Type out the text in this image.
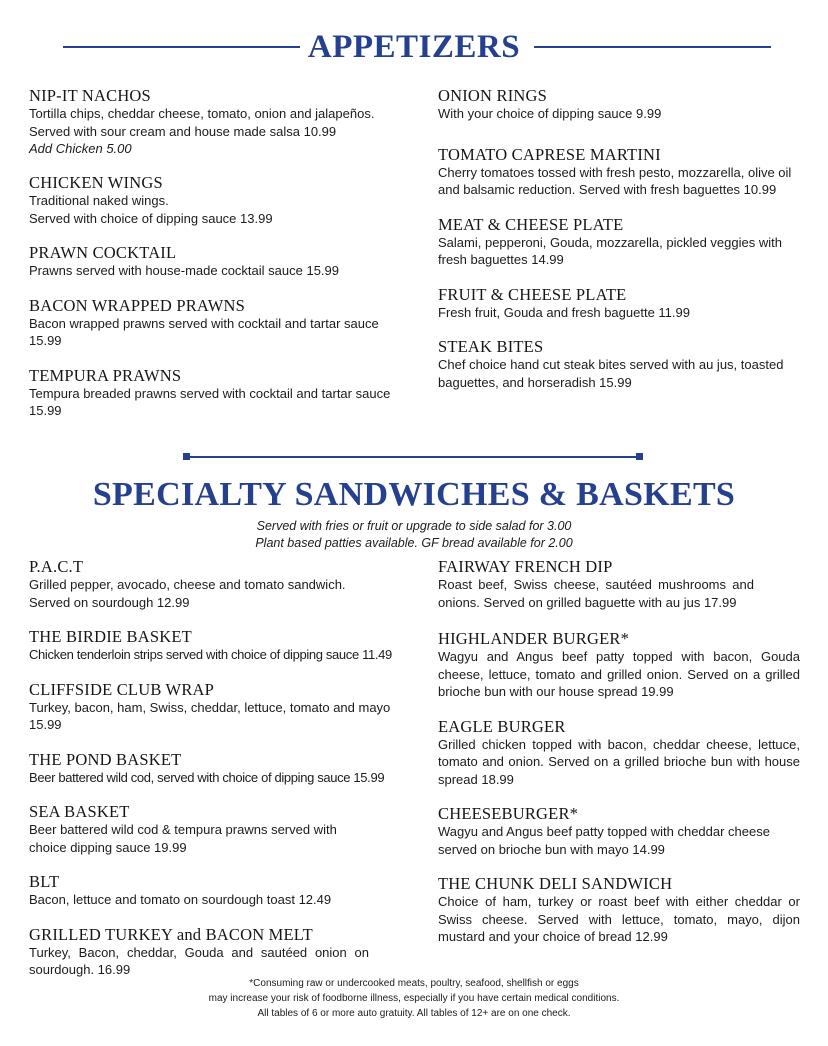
APPETIZERS
NIP-IT NACHOS
Tortilla chips, cheddar cheese, tomato, onion and jalapeños. Served with sour cream and house made salsa 10.99
Add Chicken 5.00
CHICKEN WINGS
Traditional naked wings.
Served with choice of dipping sauce 13.99
PRAWN COCKTAIL
Prawns served with house-made cocktail sauce 15.99
BACON WRAPPED PRAWNS
Bacon wrapped prawns served with cocktail and tartar sauce 15.99
TEMPURA PRAWNS
Tempura breaded prawns served with cocktail and tartar sauce 15.99
ONION RINGS
With your choice of dipping sauce 9.99
TOMATO CAPRESE MARTINI
Cherry tomatoes tossed with fresh pesto, mozzarella, olive oil and balsamic reduction. Served with fresh baguettes 10.99
MEAT & CHEESE PLATE
Salami, pepperoni, Gouda, mozzarella, pickled veggies with fresh baguettes 14.99
FRUIT & CHEESE PLATE
Fresh fruit, Gouda and fresh baguette 11.99
STEAK BITES
Chef choice hand cut steak bites served with au jus, toasted baguettes, and horseradish 15.99
SPECIALTY SANDWICHES & BASKETS
Served with fries or fruit or upgrade to side salad for 3.00
Plant based patties available. GF bread available for 2.00
P.A.C.T
Grilled pepper, avocado, cheese and tomato sandwich.
Served on sourdough 12.99
THE BIRDIE BASKET
Chicken tenderloin strips served with choice of dipping sauce 11.49
CLIFFSIDE CLUB WRAP
Turkey, bacon, ham, Swiss, cheddar, lettuce, tomato and mayo 15.99
THE POND BASKET
Beer battered wild cod, served with choice of dipping sauce 15.99
SEA BASKET
Beer battered wild cod & tempura prawns served with choice dipping sauce 19.99
BLT
Bacon, lettuce and tomato on sourdough toast 12.49
GRILLED TURKEY and BACON MELT
Turkey, Bacon, cheddar, Gouda and sautéed onion on sourdough. 16.99
FAIRWAY FRENCH DIP
Roast beef, Swiss cheese, sautéed mushrooms and onions. Served on grilled baguette with au jus 17.99
HIGHLANDER BURGER*
Wagyu and Angus beef patty topped with bacon, Gouda cheese, lettuce, tomato and grilled onion. Served on a grilled brioche bun with our house spread 19.99
EAGLE BURGER
Grilled chicken topped with bacon, cheddar cheese, lettuce, tomato and onion. Served on a grilled brioche bun with house spread 18.99
CHEESEBURGER*
Wagyu and Angus beef patty topped with cheddar cheese served on brioche bun with mayo 14.99
THE CHUNK DELI SANDWICH
Choice of ham, turkey or roast beef with either cheddar or Swiss cheese. Served with lettuce, tomato, mayo, dijon mustard and your choice of bread 12.99
*Consuming raw or undercooked meats, poultry, seafood, shellfish or eggs
may increase your risk of foodborne illness, especially if you have certain medical conditions.
All tables of 6 or more auto gratuity. All tables of 12+ are on one check.
